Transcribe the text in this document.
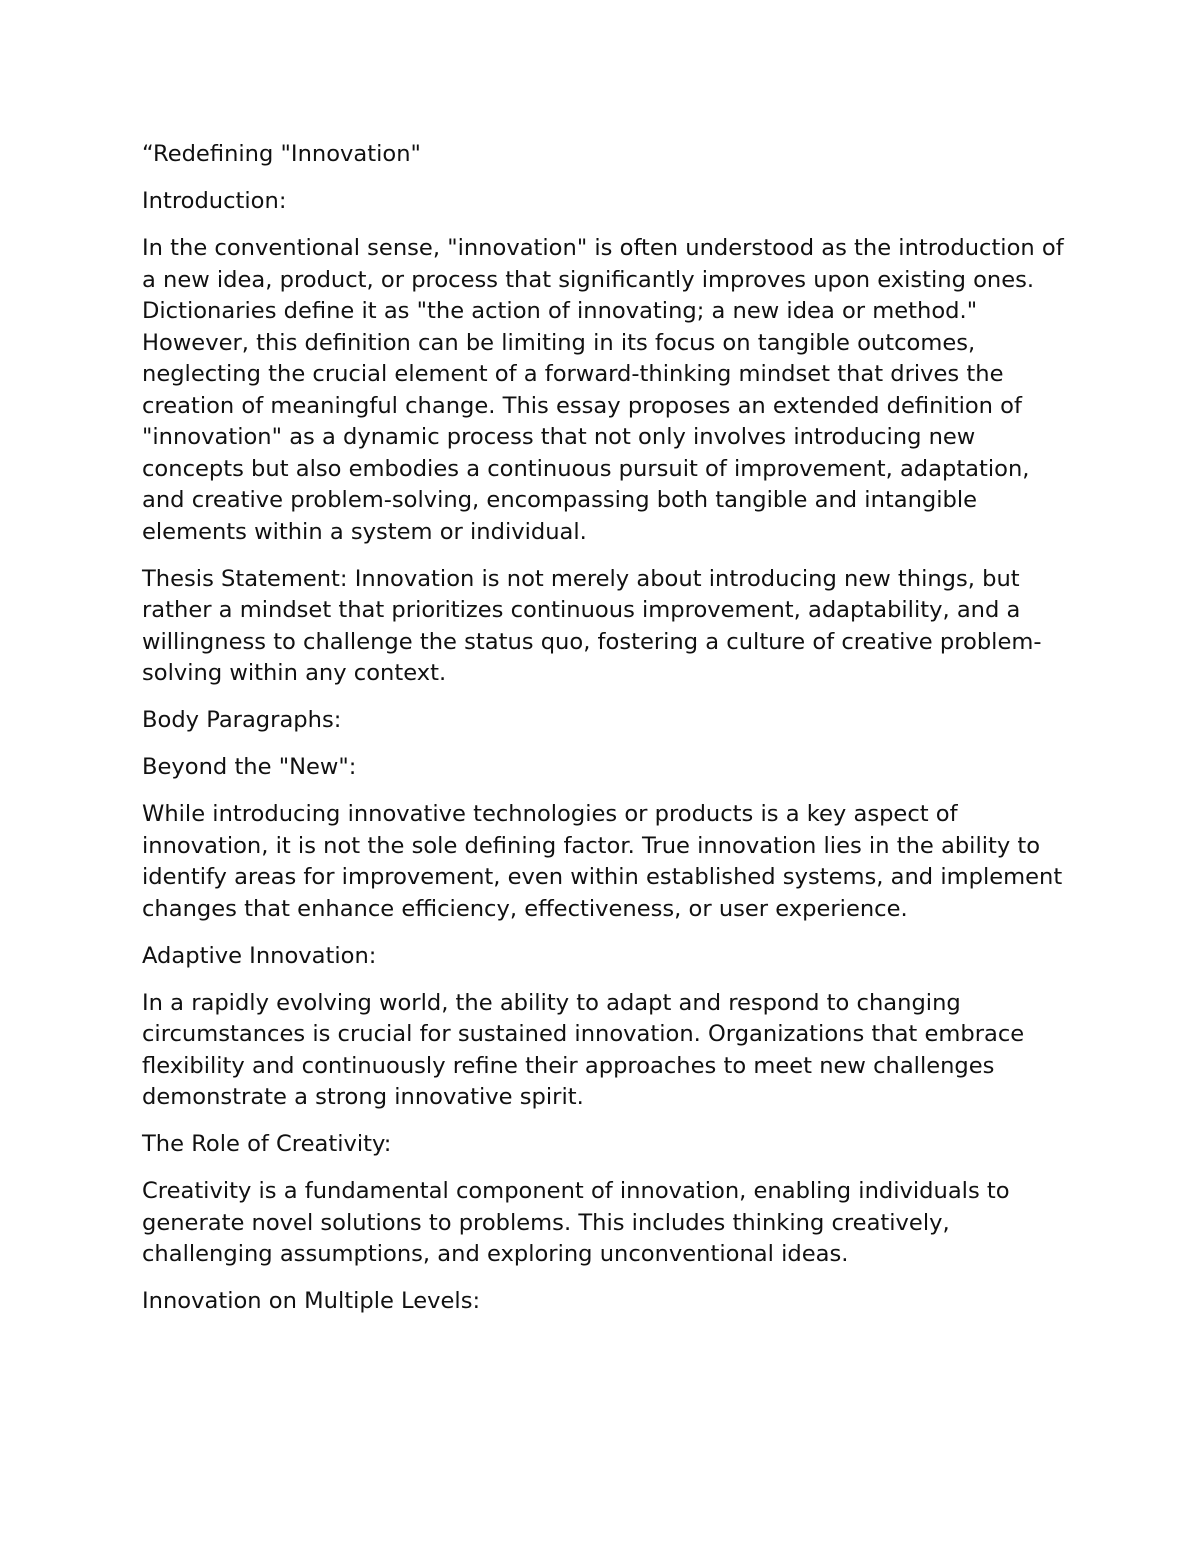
“Redefining "Innovation"

Introduction:

In the conventional sense, "innovation" is often understood as the introduction of a new idea, product, or process that significantly improves upon existing ones. Dictionaries define it as "the action of innovating; a new idea or method." However, this definition can be limiting in its focus on tangible outcomes, neglecting the crucial element of a forward-thinking mindset that drives the creation of meaningful change. This essay proposes an extended definition of "innovation" as a dynamic process that not only involves introducing new concepts but also embodies a continuous pursuit of improvement, adaptation, and creative problem-solving, encompassing both tangible and intangible elements within a system or individual.

Thesis Statement: Innovation is not merely about introducing new things, but rather a mindset that prioritizes continuous improvement, adaptability, and a willingness to challenge the status quo, fostering a culture of creative problem-solving within any context.

Body Paragraphs:

Beyond the "New":

While introducing innovative technologies or products is a key aspect of innovation, it is not the sole defining factor. True innovation lies in the ability to identify areas for improvement, even within established systems, and implement changes that enhance efficiency, effectiveness, or user experience.

Adaptive Innovation:

In a rapidly evolving world, the ability to adapt and respond to changing circumstances is crucial for sustained innovation. Organizations that embrace flexibility and continuously refine their approaches to meet new challenges demonstrate a strong innovative spirit.

The Role of Creativity:

Creativity is a fundamental component of innovation, enabling individuals to generate novel solutions to problems. This includes thinking creatively, challenging assumptions, and exploring unconventional ideas.

Innovation on Multiple Levels:
